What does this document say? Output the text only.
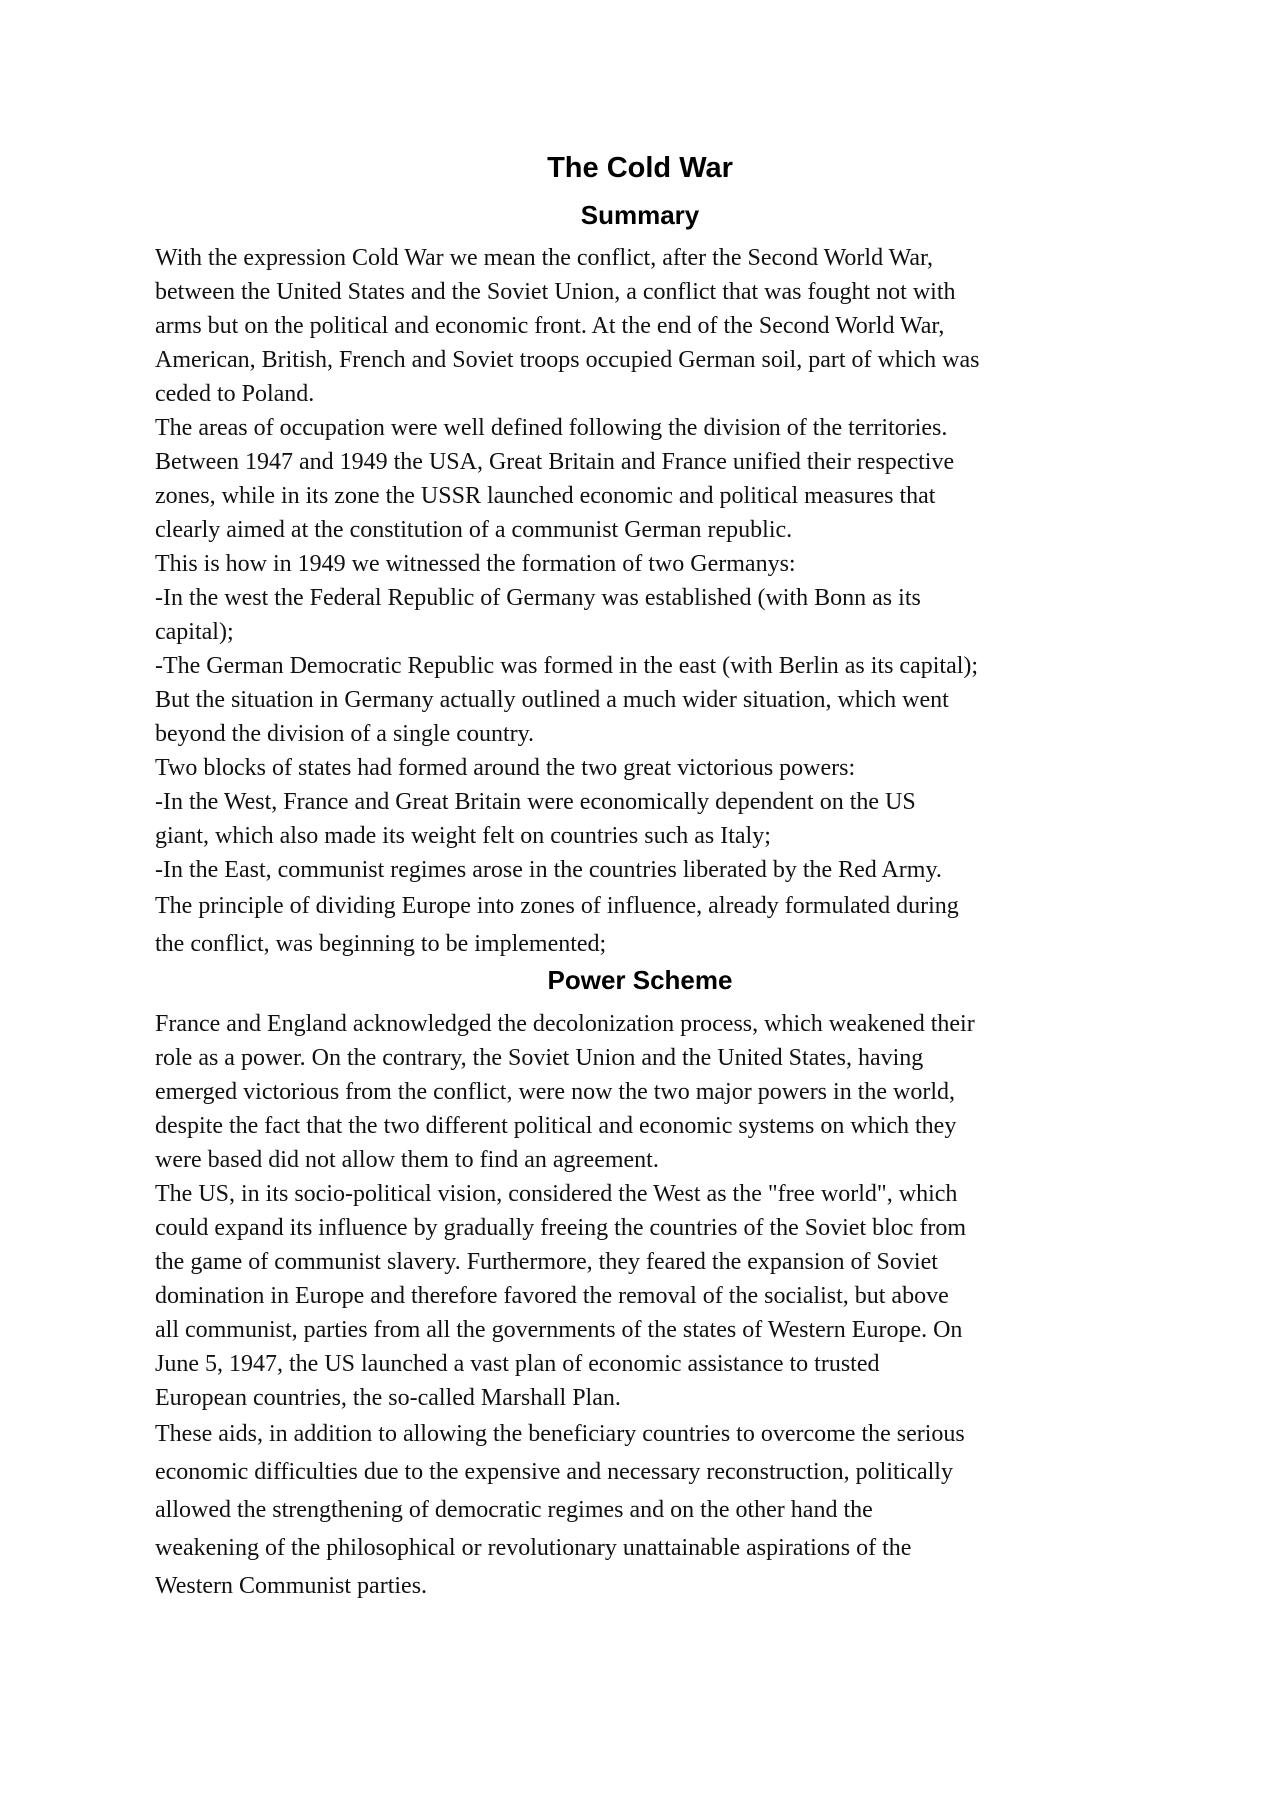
The Cold War
Summary
With the expression Cold War we mean the conflict, after the Second World War,
between the United States and the Soviet Union, a conflict that was fought not with
arms but on the political and economic front. At the end of the Second World War,
American, British, French and Soviet troops occupied German soil, part of which was
ceded to Poland.
The areas of occupation were well defined following the division of the territories.
Between 1947 and 1949 the USA, Great Britain and France unified their respective
zones, while in its zone the USSR launched economic and political measures that
clearly aimed at the constitution of a communist German republic.
This is how in 1949 we witnessed the formation of two Germanys:
-In the west the Federal Republic of Germany was established (with Bonn as its
capital);
-The German Democratic Republic was formed in the east (with Berlin as its capital);
But the situation in Germany actually outlined a much wider situation, which went
beyond the division of a single country.
Two blocks of states had formed around the two great victorious powers:
-In the West, France and Great Britain were economically dependent on the US
giant, which also made its weight felt on countries such as Italy;
-In the East, communist regimes arose in the countries liberated by the Red Army.
The principle of dividing Europe into zones of influence, already formulated during
the conflict, was beginning to be implemented;
Power Scheme
France and England acknowledged the decolonization process, which weakened their
role as a power. On the contrary, the Soviet Union and the United States, having
emerged victorious from the conflict, were now the two major powers in the world,
despite the fact that the two different political and economic systems on which they
were based did not allow them to find an agreement.
The US, in its socio-political vision, considered the West as the "free world", which
could expand its influence by gradually freeing the countries of the Soviet bloc from
the game of communist slavery. Furthermore, they feared the expansion of Soviet
domination in Europe and therefore favored the removal of the socialist, but above
all communist, parties from all the governments of the states of Western Europe. On
June 5, 1947, the US launched a vast plan of economic assistance to trusted
European countries, the so-called Marshall Plan.
These aids, in addition to allowing the beneficiary countries to overcome the serious
economic difficulties due to the expensive and necessary reconstruction, politically
allowed the strengthening of democratic regimes and on the other hand the
weakening of the philosophical or revolutionary unattainable aspirations of the
Western Communist parties.
